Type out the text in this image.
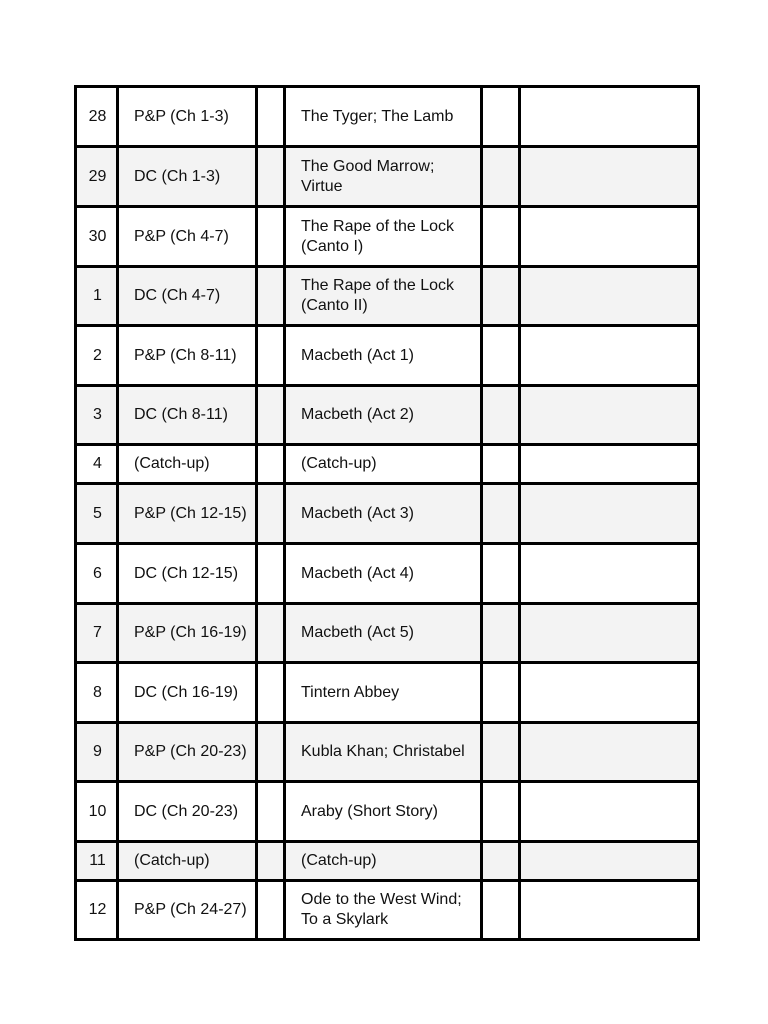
28	P&P (Ch 1-3)		The Tyger; The Lamb		
29	DC (Ch 1-3)		The Good Marrow; Virtue		
30	P&P (Ch 4-7)		The Rape of the Lock (Canto I)		
1	DC (Ch 4-7)		The Rape of the Lock (Canto II)		
2	P&P (Ch 8-11)		Macbeth (Act 1)		
3	DC (Ch 8-11)		Macbeth (Act 2)		
4	(Catch-up)		(Catch-up)		
5	P&P (Ch 12-15)		Macbeth (Act 3)		
6	DC (Ch 12-15)		Macbeth (Act 4)		
7	P&P (Ch 16-19)		Macbeth (Act 5)		
8	DC (Ch 16-19)		Tintern Abbey		
9	P&P (Ch 20-23)		Kubla Khan; Christabel		
10	DC (Ch 20-23)		Araby (Short Story)		
11	(Catch-up)		(Catch-up)		
12	P&P (Ch 24-27)		Ode to the West Wind; To a Skylark		
